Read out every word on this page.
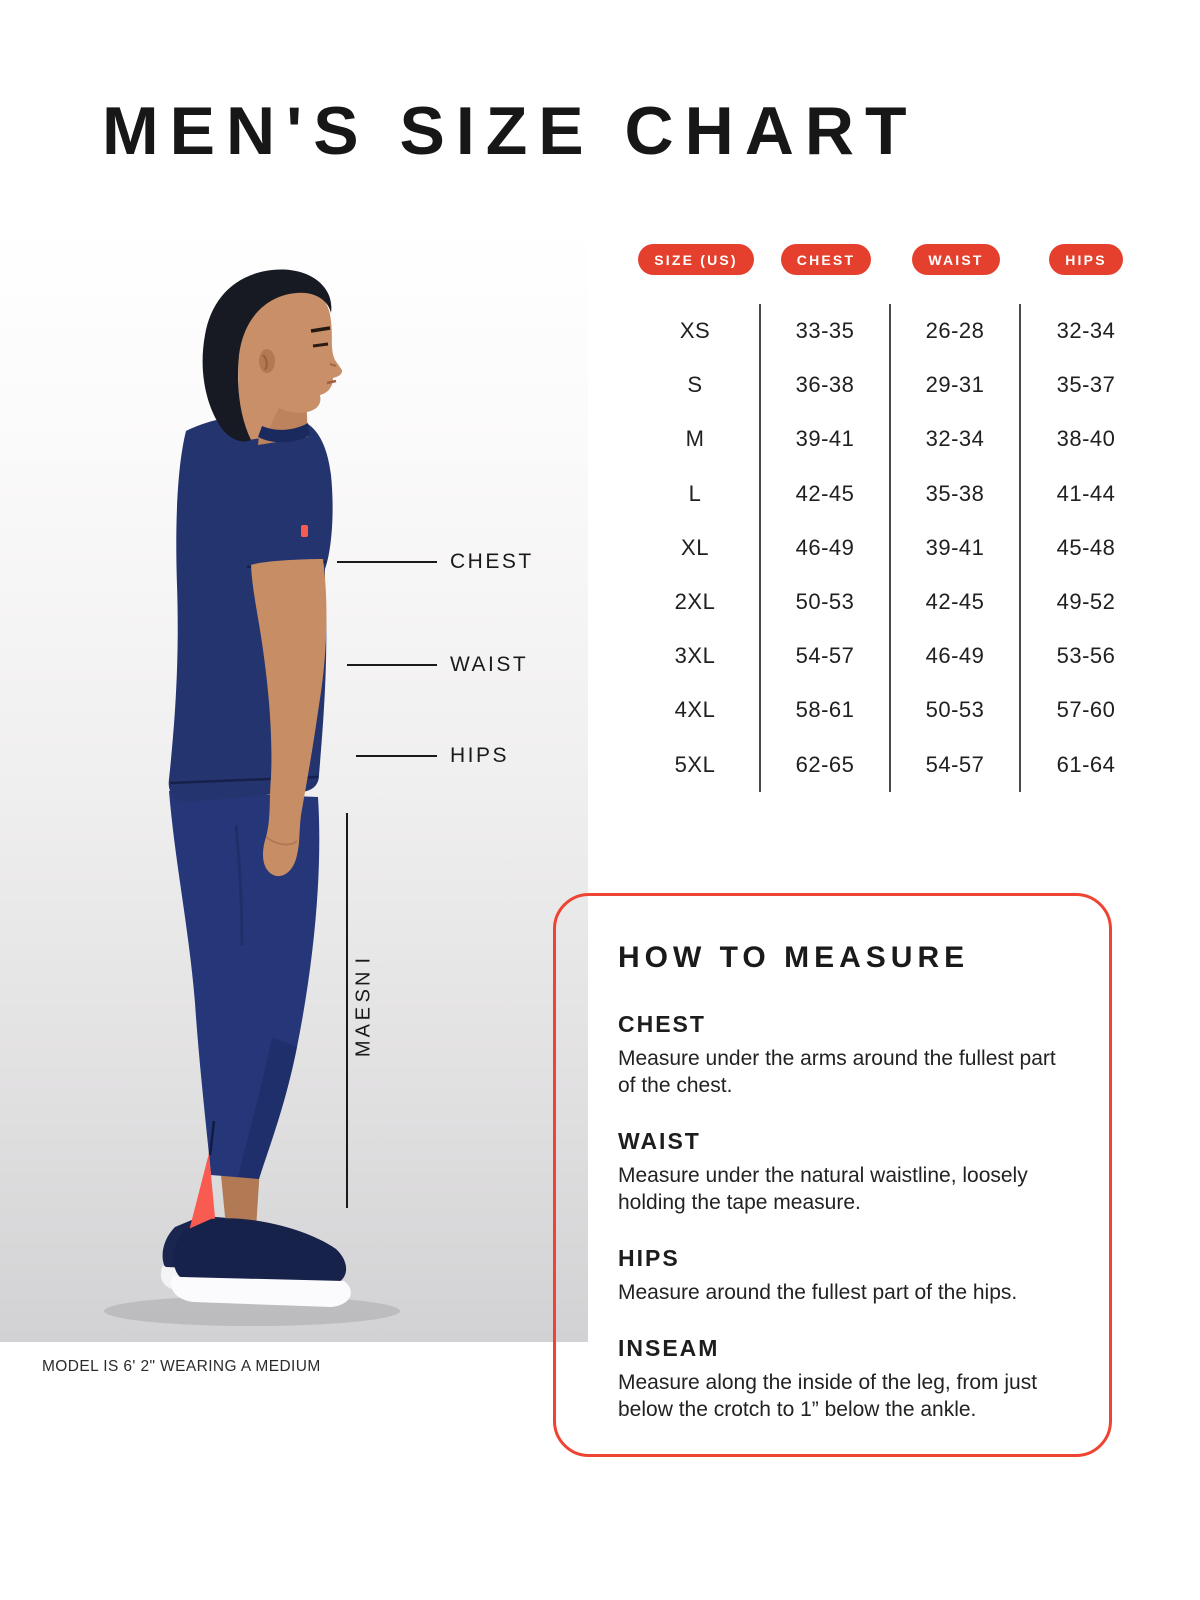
MEN'S SIZE CHART
CHEST
WAIST
HIPS
I
N
S
E
A
M
MODEL IS 6' 2" WEARING A MEDIUM
SIZE (US)	CHEST	WAIST	HIPS
XS	33-35	26-28	32-34
S	36-38	29-31	35-37
M	39-41	32-34	38-40
L	42-45	35-38	41-44
XL	46-49	39-41	45-48
2XL	50-53	42-45	49-52
3XL	54-57	46-49	53-56
4XL	58-61	50-53	57-60
5XL	62-65	54-57	61-64
HOW TO MEASURE
CHEST

Measure under the arms around the fullest part of the chest.

WAIST

Measure under the natural waistline, loosely holding the tape measure.

HIPS

Measure around the fullest part of the hips.

INSEAM

Measure along the inside of the leg, from just below the crotch to 1” below the ankle.
